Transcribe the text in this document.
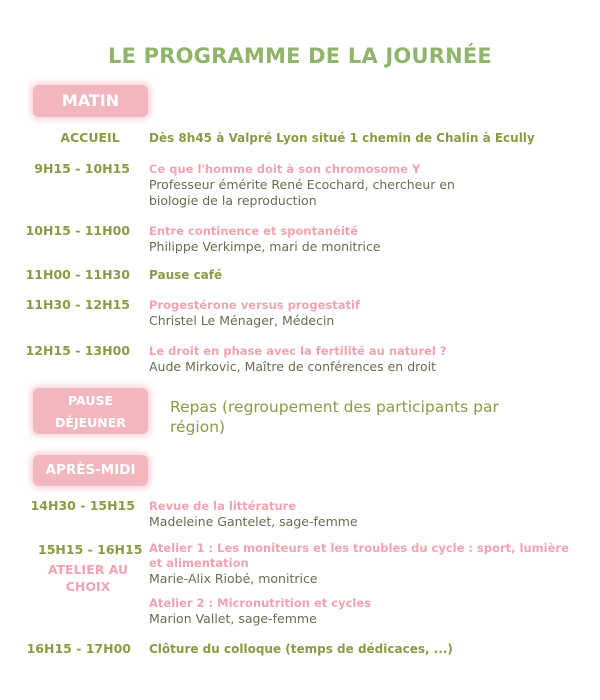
LE PROGRAMME DE LA JOURNÉE
MATIN
ACCUEIL	Dès 8h45 à Valpré Lyon situé 1 chemin de Chalin à Ecully
9H15 - 10H15 Ce que l'homme doit à son chromosome Y
Professeur émérite René Ecochard, chercheur en
biologie de la reproduction
10H15 - 11H00 Entre continence et spontanéité
Philippe Verkimpe, mari de monitrice
11H00 - 11H30 Pause café
11H30 - 12H15 Progestérone versus progestatif
Christel Le Ménager, Médecin
12H15 - 13H00 Le droit en phase avec la fertilité au naturel ?
Aude Mirkovic, Maître de conférences en droit
PAUSE
DÉJEUNER
Repas (regroupement des participants par
région)
APRÈS-MIDI
14H30 - 15H15 Revue de la littérature
Madeleine Gantelet, sage-femme
15H15 - 16H15
ATELIER AU
CHOIX
Atelier 1 : Les moniteurs et les troubles du cycle : sport, lumière
et alimentation
Marie-Alix Riobé, monitrice
Atelier 2 : Micronutrition et cycles
Marion Vallet, sage-femme
16H15 - 17H00 Clôture du colloque (temps de dédicaces, ...)
